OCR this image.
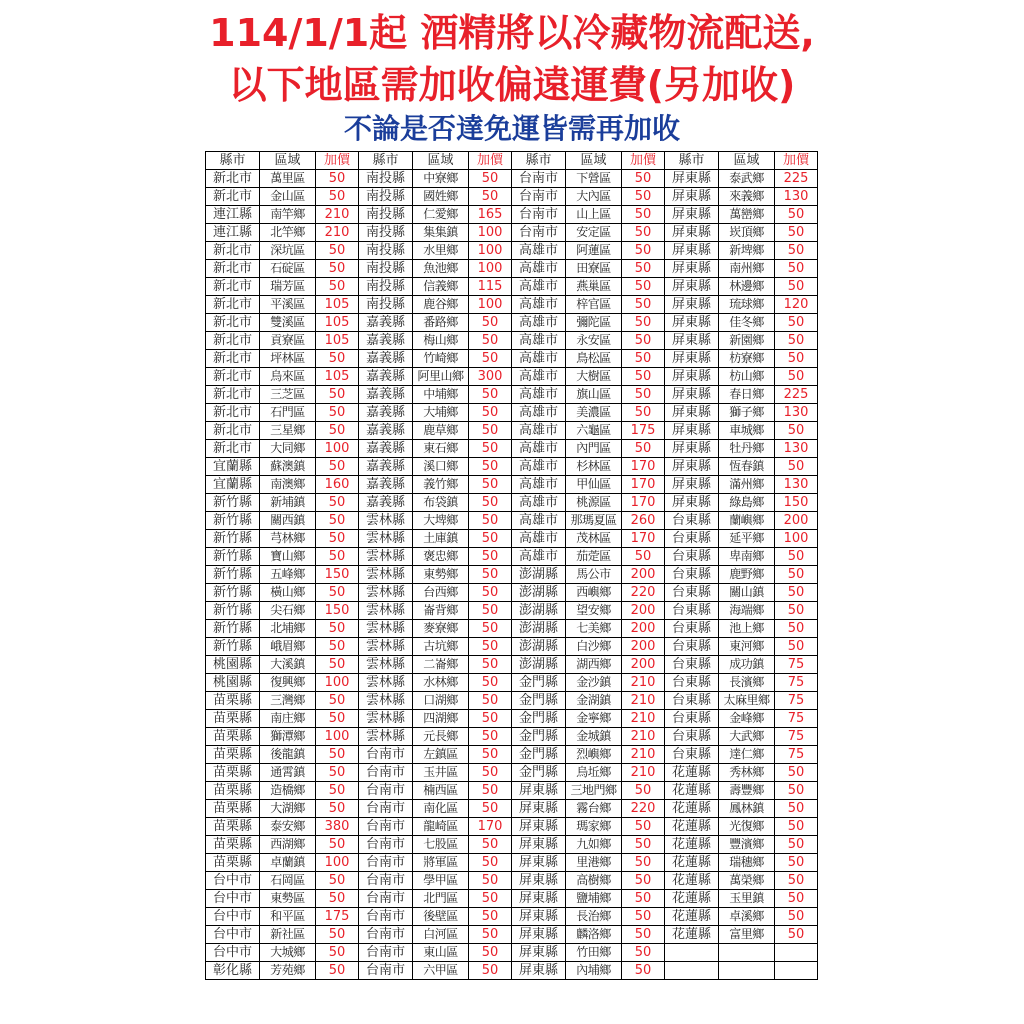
114/1/1起 酒精將以冷藏物流配送,
以下地區需加收偏遠運費(另加收)
不論是否達免運皆需再加收
縣市	區域	加價	縣市	區域	加價	縣市	區域	加價	縣市	區域	加價
新北市	萬里區	50	南投縣	中寮鄉	50	台南市	下營區	50	屏東縣	泰武鄉	225
新北市	金山區	50	南投縣	國姓鄉	50	台南市	大內區	50	屏東縣	來義鄉	130
連江縣	南竿鄉	210	南投縣	仁愛鄉	165	台南市	山上區	50	屏東縣	萬巒鄉	50
連江縣	北竿鄉	210	南投縣	集集鎮	100	台南市	安定區	50	屏東縣	崁頂鄉	50
新北市	深坑區	50	南投縣	水里鄉	100	高雄市	阿蓮區	50	屏東縣	新埤鄉	50
新北市	石碇區	50	南投縣	魚池鄉	100	高雄市	田寮區	50	屏東縣	南州鄉	50
新北市	瑞芳區	50	南投縣	信義鄉	115	高雄市	燕巢區	50	屏東縣	林邊鄉	50
新北市	平溪區	105	南投縣	鹿谷鄉	100	高雄市	梓官區	50	屏東縣	琉球鄉	120
新北市	雙溪區	105	嘉義縣	番路鄉	50	高雄市	彌陀區	50	屏東縣	佳冬鄉	50
新北市	貢寮區	105	嘉義縣	梅山鄉	50	高雄市	永安區	50	屏東縣	新園鄉	50
新北市	坪林區	50	嘉義縣	竹崎鄉	50	高雄市	鳥松區	50	屏東縣	枋寮鄉	50
新北市	烏來區	105	嘉義縣	阿里山鄉	300	高雄市	大樹區	50	屏東縣	枋山鄉	50
新北市	三芝區	50	嘉義縣	中埔鄉	50	高雄市	旗山區	50	屏東縣	春日鄉	225
新北市	石門區	50	嘉義縣	大埔鄉	50	高雄市	美濃區	50	屏東縣	獅子鄉	130
新北市	三星鄉	50	嘉義縣	鹿草鄉	50	高雄市	六龜區	175	屏東縣	車城鄉	50
新北市	大同鄉	100	嘉義縣	東石鄉	50	高雄市	內門區	50	屏東縣	牡丹鄉	130
宜蘭縣	蘇澳鎮	50	嘉義縣	溪口鄉	50	高雄市	杉林區	170	屏東縣	恆春鎮	50
宜蘭縣	南澳鄉	160	嘉義縣	義竹鄉	50	高雄市	甲仙區	170	屏東縣	滿州鄉	130
新竹縣	新埔鎮	50	嘉義縣	布袋鎮	50	高雄市	桃源區	170	屏東縣	綠島鄉	150
新竹縣	關西鎮	50	雲林縣	大埤鄉	50	高雄市	那瑪夏區	260	台東縣	蘭嶼鄉	200
新竹縣	芎林鄉	50	雲林縣	土庫鎮	50	高雄市	茂林區	170	台東縣	延平鄉	100
新竹縣	寶山鄉	50	雲林縣	褒忠鄉	50	高雄市	茄萣區	50	台東縣	卑南鄉	50
新竹縣	五峰鄉	150	雲林縣	東勢鄉	50	澎湖縣	馬公市	200	台東縣	鹿野鄉	50
新竹縣	橫山鄉	50	雲林縣	台西鄉	50	澎湖縣	西嶼鄉	220	台東縣	關山鎮	50
新竹縣	尖石鄉	150	雲林縣	崙背鄉	50	澎湖縣	望安鄉	200	台東縣	海端鄉	50
新竹縣	北埔鄉	50	雲林縣	麥寮鄉	50	澎湖縣	七美鄉	200	台東縣	池上鄉	50
新竹縣	峨眉鄉	50	雲林縣	古坑鄉	50	澎湖縣	白沙鄉	200	台東縣	東河鄉	50
桃園縣	大溪鎮	50	雲林縣	二崙鄉	50	澎湖縣	湖西鄉	200	台東縣	成功鎮	75
桃園縣	復興鄉	100	雲林縣	水林鄉	50	金門縣	金沙鎮	210	台東縣	長濱鄉	75
苗栗縣	三灣鄉	50	雲林縣	口湖鄉	50	金門縣	金湖鎮	210	台東縣	太麻里鄉	75
苗栗縣	南庄鄉	50	雲林縣	四湖鄉	50	金門縣	金寧鄉	210	台東縣	金峰鄉	75
苗栗縣	獅潭鄉	100	雲林縣	元長鄉	50	金門縣	金城鎮	210	台東縣	大武鄉	75
苗栗縣	後龍鎮	50	台南市	左鎮區	50	金門縣	烈嶼鄉	210	台東縣	達仁鄉	75
苗栗縣	通霄鎮	50	台南市	玉井區	50	金門縣	烏坵鄉	210	花蓮縣	秀林鄉	50
苗栗縣	造橋鄉	50	台南市	楠西區	50	屏東縣	三地門鄉	50	花蓮縣	壽豐鄉	50
苗栗縣	大湖鄉	50	台南市	南化區	50	屏東縣	霧台鄉	220	花蓮縣	鳳林鎮	50
苗栗縣	泰安鄉	380	台南市	龍崎區	170	屏東縣	瑪家鄉	50	花蓮縣	光復鄉	50
苗栗縣	西湖鄉	50	台南市	七股區	50	屏東縣	九如鄉	50	花蓮縣	豐濱鄉	50
苗栗縣	卓蘭鎮	100	台南市	將軍區	50	屏東縣	里港鄉	50	花蓮縣	瑞穗鄉	50
台中市	石岡區	50	台南市	學甲區	50	屏東縣	高樹鄉	50	花蓮縣	萬榮鄉	50
台中市	東勢區	50	台南市	北門區	50	屏東縣	鹽埔鄉	50	花蓮縣	玉里鎮	50
台中市	和平區	175	台南市	後壁區	50	屏東縣	長治鄉	50	花蓮縣	卓溪鄉	50
台中市	新社區	50	台南市	白河區	50	屏東縣	麟洛鄉	50	花蓮縣	富里鄉	50
台中市	大城鄉	50	台南市	東山區	50	屏東縣	竹田鄉	50			
彰化縣	芳苑鄉	50	台南市	六甲區	50	屏東縣	內埔鄉	50			
